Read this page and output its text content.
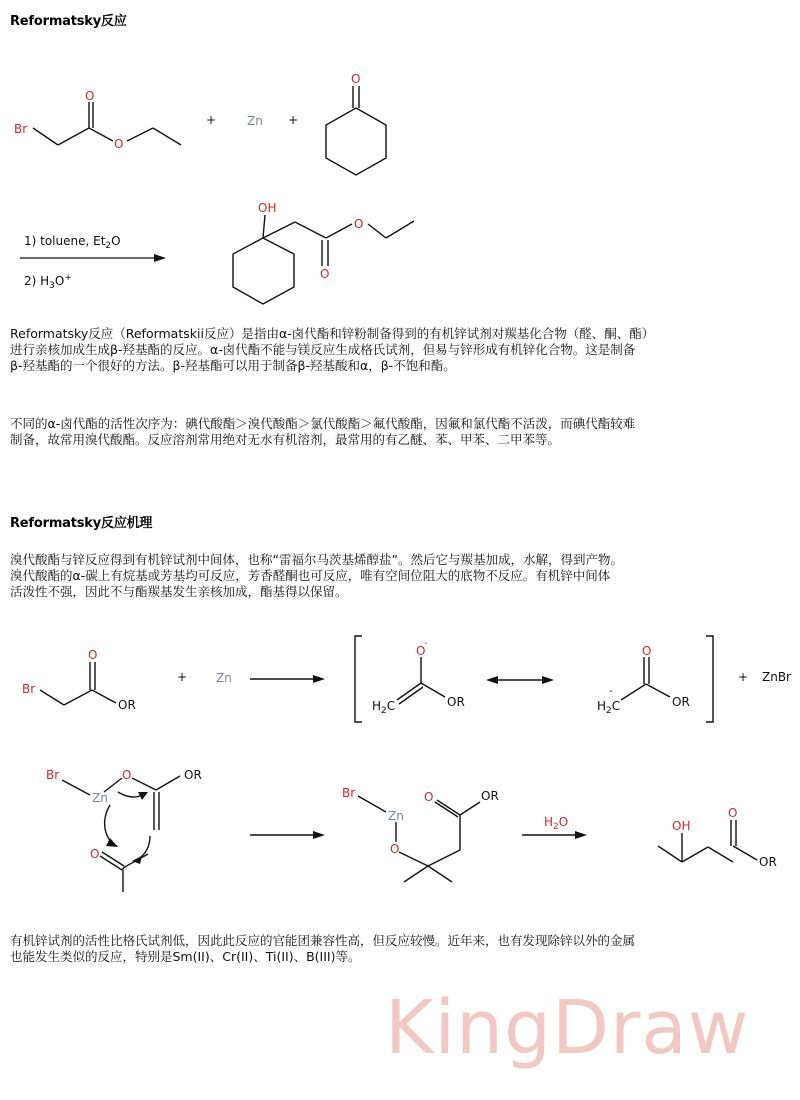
Reformatsky反应
Br
O
O
+	Zn +
O
1) toluene, $Et_2O$
2) $H_3O^+$
OH
O
O

Reformatsky反应（Reformatskii反应）是指由α-卤代酯和锌粉制备得到的有机锌试剂对羰基化合物（醛、酮、酯）

进行亲核加成生成β-羟基酯的反应。α-卤代酯不能与镁反应生成格氏试剂，但易与锌形成有机锌化合物。这是制备

β-羟基酯的一个很好的方法。β-羟基酯可以用于制备β-羟基酸和α，β-不饱和酯。

不同的α-卤代酯的活性次序为：碘代酸酯＞溴代酸酯＞氯代酸酯＞氟代酸酯，因氟和氯代酯不活泼，而碘代酯较难

制备，故常用溴代酸酯。反应溶剂常用绝对无水有机溶剂，最常用的有乙醚、苯、甲苯、二甲苯等。

Reformatsky反应机理

溴代酸酯与锌反应得到有机锌试剂中间体，也称“雷福尔马茨基烯醇盐”。然后它与羰基加成，水解，得到产物。

溴代酸酯的α-碳上有烷基或芳基均可反应，芳香醛酮也可反应，唯有空间位阻大的底物不反应。有机锌中间体

活泼性不强，因此不与酯羰基发生亲核加成，酯基得以保留。

Br
O
OR
+ Zn
O
-
$H_2C$	OR
O
$H_2C$
-
OR
+ ZnBr
Br
Zn
O	OR
O
Br
Zn
O
O	OR
$H_2O$	OH
O
OR

有机锌试剂的活性比格氏试剂低，因此此反应的官能团兼容性高，但反应较慢。近年来，也有发现除锌以外的金属

也能发生类似的反应，特别是Sm(II)、Cr(II)、Ti(II)、B(III)等。

KingDraw
